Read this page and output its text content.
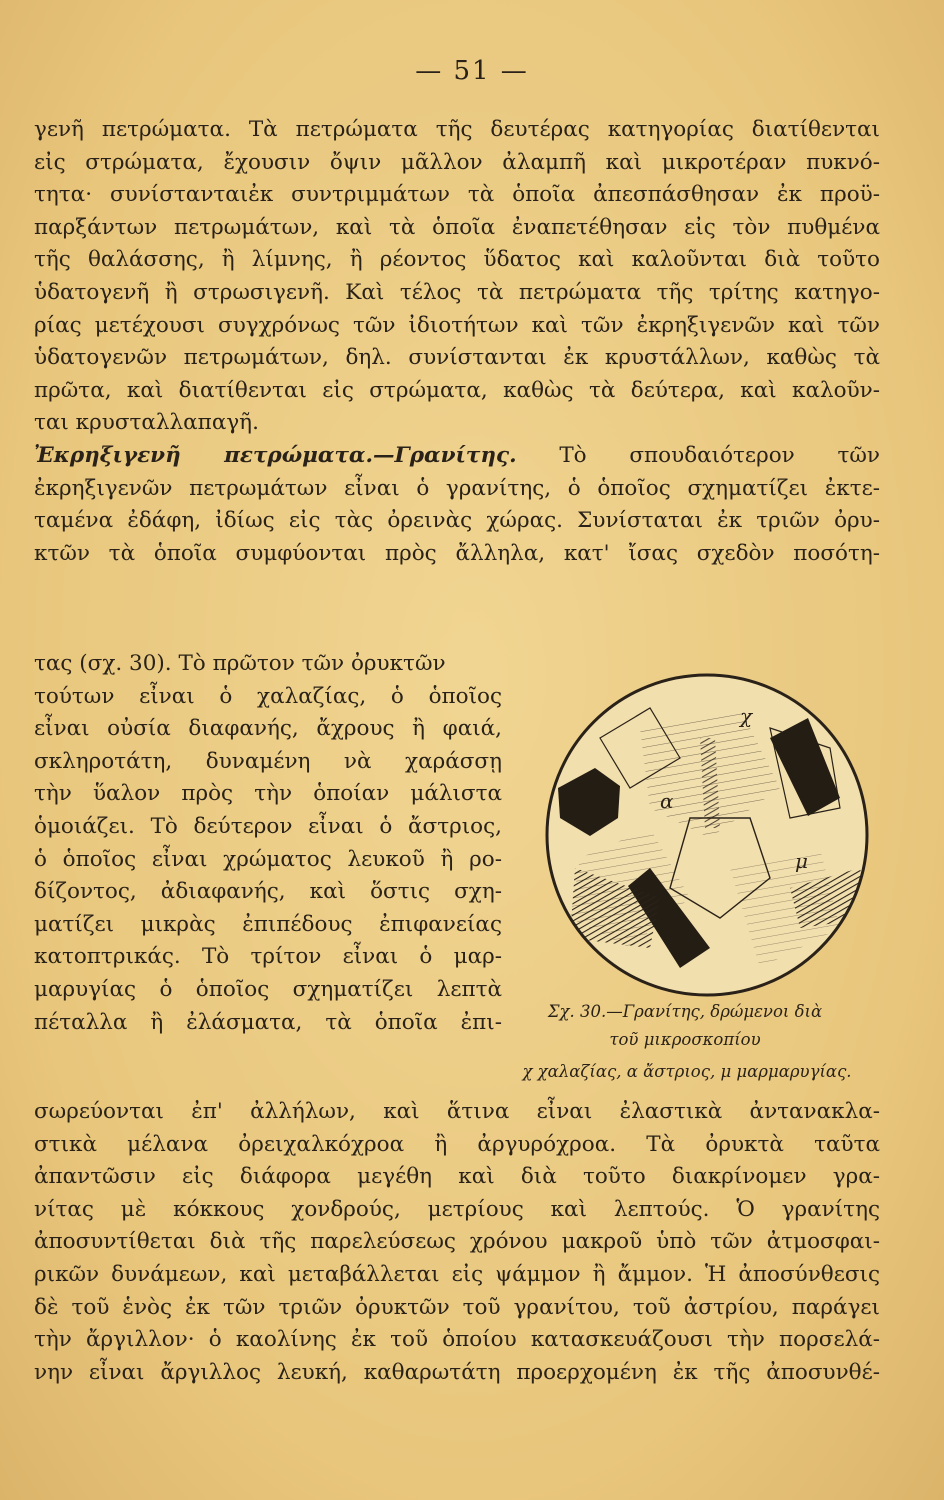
— 51 —
γενῆ πετρώματα. Τὰ πετρώματα τῆς δευτέρας κατηγορίας διατίθενται
εἰς στρώματα, ἔχουσιν ὄψιν μᾶλλον ἀλαμπῆ καὶ μικροτέραν πυκνό-
τητα· συνίστανταιἐκ συντριμμάτων τὰ ὁποῖα ἀπεσπάσθησαν ἐκ προϋ-
παρξάντων πετρωμάτων, καὶ τὰ ὁποῖα ἐναπετέθησαν εἰς τὸν πυθμένα
τῆς θαλάσσης, ἢ λίμνης, ἢ ρέοντος ὕδατος καὶ καλοῦνται διὰ τοῦτο
ὑδατογενῆ ἢ στρωσιγενῆ. Καὶ τέλος τὰ πετρώματα τῆς τρίτης κατηγο-
ρίας μετέχουσι συγχρόνως τῶν ἰδιοτήτων καὶ τῶν ἐκρηξιγενῶν καὶ τῶν
ὑδατογενῶν πετρωμάτων, δηλ. συνίστανται ἐκ κρυστάλλων, καθὼς τὰ
πρῶτα, καὶ διατίθενται εἰς στρώματα, καθὼς τὰ δεύτερα, καὶ καλοῦν-
ται κρυσταλλαπαγῆ.
Ἐκρηξιγενῆ πετρώματα.—Γρανίτης. Τὸ σπουδαιότερον τῶν
ἐκρηξιγενῶν πετρωμάτων εἶναι ὁ γρανίτης, ὁ ὁποῖος σχηματίζει ἐκτε-
ταμένα ἐδάφη, ἰδίως εἰς τὰς ὀρεινὰς χώρας. Συνίσταται ἐκ τριῶν ὀρυ-
κτῶν τὰ ὁποῖα συμφύονται πρὸς ἄλληλα, κατ' ἴσας σχεδὸν ποσότη-
τας (σχ. 30). Τὸ πρῶτον τῶν ὀρυκτῶν
τούτων εἶναι ὁ χαλαζίας, ὁ ὁποῖος
εἶναι οὐσία διαφανής, ἄχρους ἢ φαιά,
σκληροτάτη, δυναμένη νὰ χαράσσῃ
τὴν ὕαλον πρὸς τὴν ὁποίαν μάλιστα
ὁμοιάζει. Τὸ δεύτερον εἶναι ὁ ἄστριος,
ὁ ὁποῖος εἶναι χρώματος λευκοῦ ἢ ρο-
δίζοντος, ἀδιαφανής, καὶ ὅστις σχη-
ματίζει μικρὰς ἐπιπέδους ἐπιφανείας
κατοπτρικάς. Τὸ τρίτον εἶναι ὁ μαρ-
μαρυγίας ὁ ὁποῖος σχηματίζει λεπτὰ
πέταλλα ἢ ἐλάσματα, τὰ ὁποῖα ἐπι-
σωρεύονται ἐπ' ἀλλήλων, καὶ ἅτινα εἶναι ἐλαστικὰ ἀντανακλα-
στικὰ μέλανα ὀρειχαλκόχροα ἢ ἀργυρόχροα. Τὰ ὀρυκτὰ ταῦτα
ἀπαντῶσιν εἰς διάφορα μεγέθη καὶ διὰ τοῦτο διακρίνομεν γρα-
νίτας μὲ κόκκους χονδρούς, μετρίους καὶ λεπτούς. Ὁ γρανίτης
ἀποσυντίθεται διὰ τῆς παρελεύσεως χρόνου μακροῦ ὑπὸ τῶν ἀτμοσφαι-
ρικῶν δυνάμεων, καὶ μεταβάλλεται εἰς ψάμμον ἢ ἄμμον. Ἡ ἀποσύνθεσις
δὲ τοῦ ἑνὸς ἐκ τῶν τριῶν ὀρυκτῶν τοῦ γρανίτου, τοῦ ἀστρίου, παράγει
τὴν ἄργιλλον· ὁ καολίνης ἐκ τοῦ ὁποίου κατασκευάζουσι τὴν πορσελά-
νην εἶναι ἄργιλλος λευκή, καθαρωτάτη προερχομένη ἐκ τῆς ἀποσυνθέ-
χ
α
μ
Σχ. 30.—Γρανίτης, δρώμενοι διὰ
τοῦ μικροσκοπίου
χ χαλαζίας, α ἄστριος, μ μαρμαρυγίας.
